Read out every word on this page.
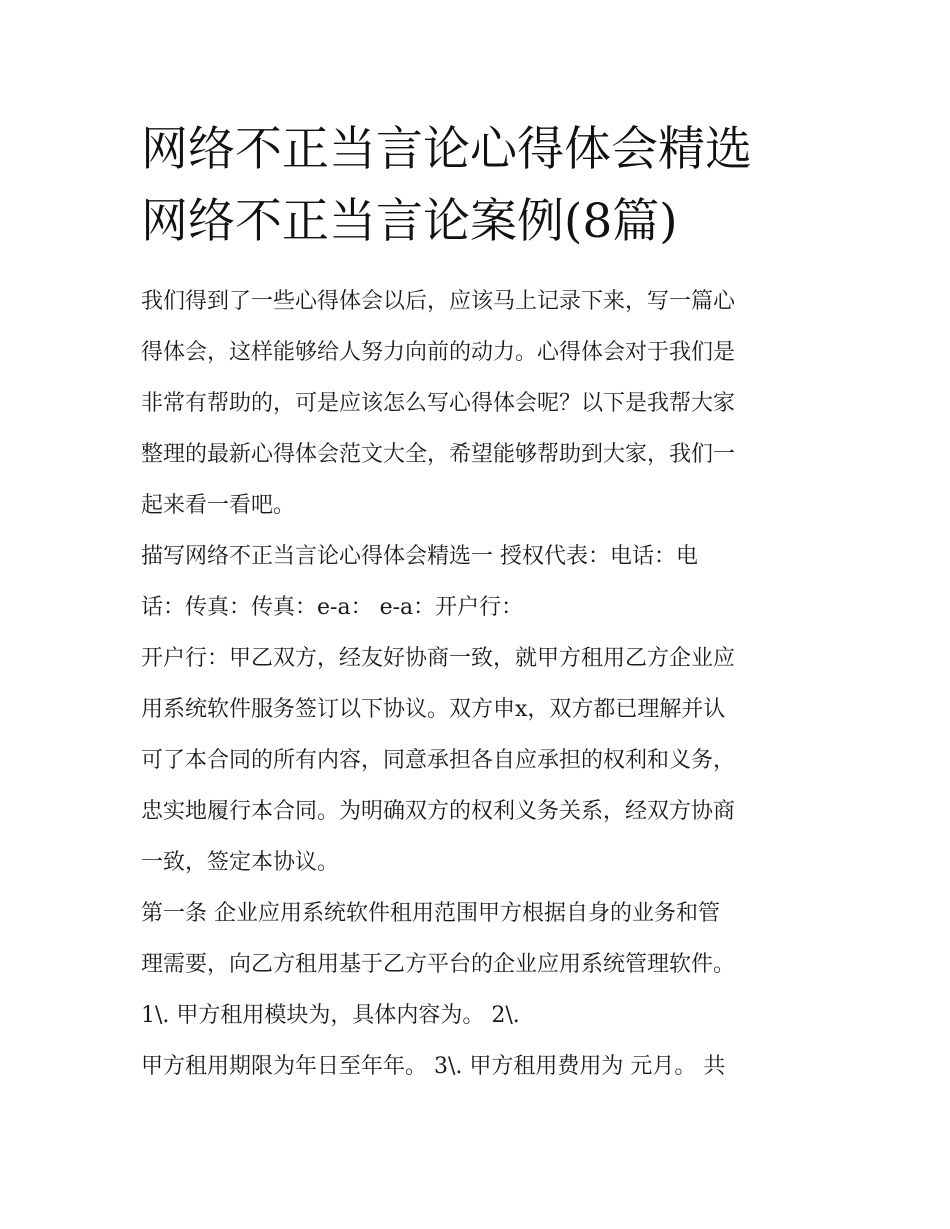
网络不正当言论心得体会精选
网络不正当言论案例(8篇)

我们得到了一些心得体会以后，应该马上记录下来，写一篇心
得体会，这样能够给人努力向前的动力。心得体会对于我们是
非常有帮助的，可是应该怎么写心得体会呢？以下是我帮大家
整理的最新心得体会范文大全，希望能够帮助到大家，我们一
起来看一看吧。

描写网络不正当言论心得体会精选一 授权代表：电话：电
话：传真：传真：e-a： e-a：开户行：

开户行：甲乙双方，经友好协商一致，就甲方租用乙方企业应
用系统软件服务签订以下协议。双方申x，双方都已理解并认
可了本合同的所有内容，同意承担各自应承担的权利和义务，
忠实地履行本合同。为明确双方的权利义务关系，经双方协商
一致，签定本协议。

第一条 企业应用系统软件租用范围甲方根据自身的业务和管
理需要，向乙方租用基于乙方平台的企业应用系统管理软件。
1\. 甲方租用模块为，具体内容为。 2\.

甲方租用期限为年日至年年。 3\. 甲方租用费用为 元月。 共
